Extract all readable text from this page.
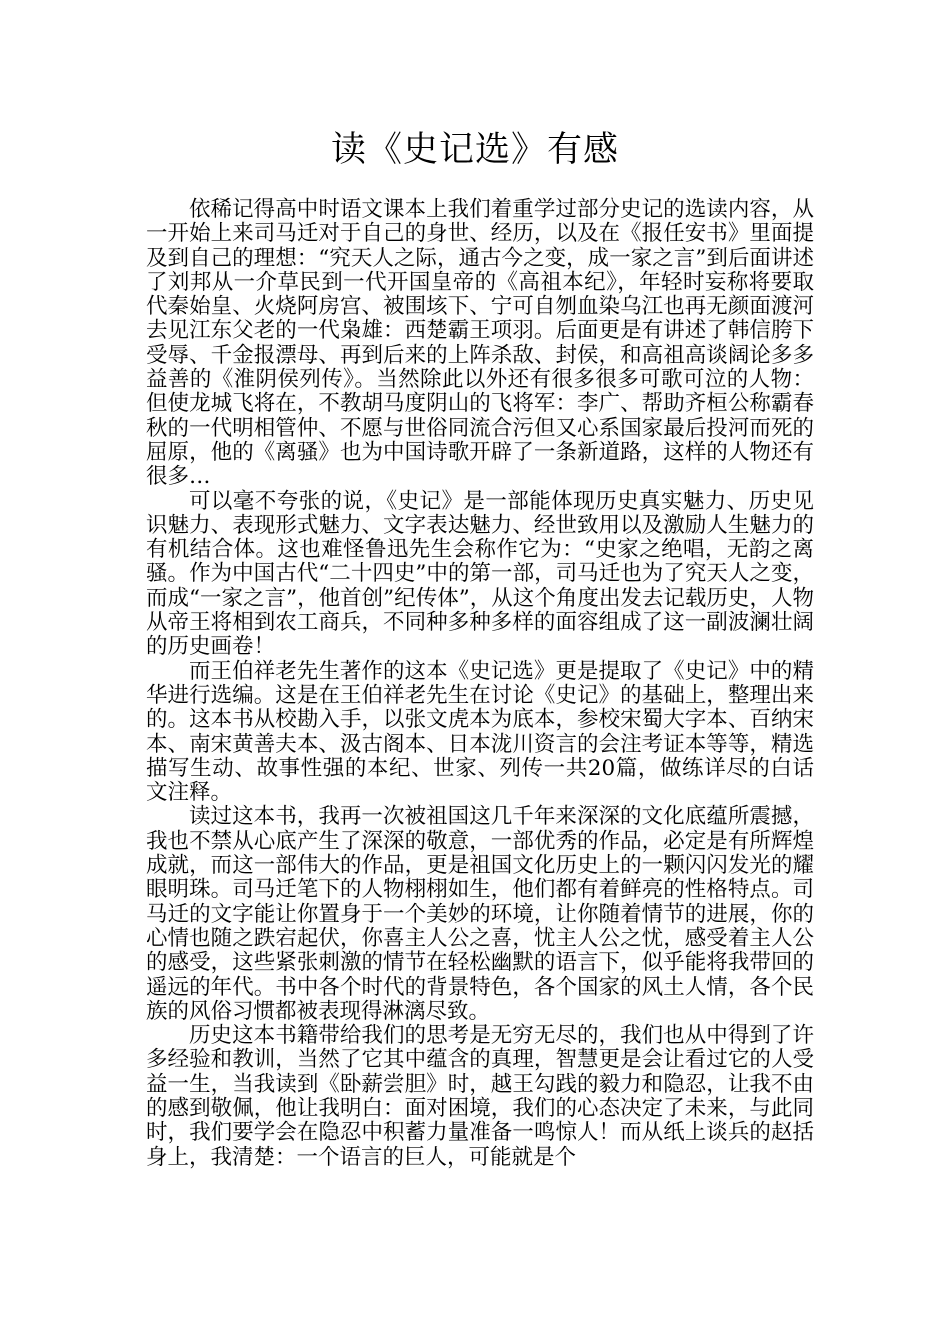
读《史记选》有感

依稀记得高中时语文课本上我们着重学过部分史记的选读内容，从一开始上来司马迁对于自己的身世、经历，以及在《报任安书》里面提及到自己的理想：“究天人之际，通古今之变，成一家之言”到后面讲述了刘邦从一介草民到一代开国皇帝的《高祖本纪》，年轻时妄称将要取代秦始皇、火烧阿房宫、被围垓下、宁可自刎血染乌江也再无颜面渡河去见江东父老的一代枭雄：西楚霸王项羽。后面更是有讲述了韩信胯下受辱、千金报漂母、再到后来的上阵杀敌、封侯，和高祖高谈阔论多多益善的《淮阴侯列传》。当然除此以外还有很多很多可歌可泣的人物：但使龙城飞将在，不教胡马度阴山的飞将军：李广、帮助齐桓公称霸春秋的一代明相管仲、不愿与世俗同流合污但又心系国家最后投河而死的屈原，他的《离骚》也为中国诗歌开辟了一条新道路，这样的人物还有很多…

可以毫不夸张的说，《史记》是一部能体现历史真实魅力、历史见识魅力、表现形式魅力、文字表达魅力、经世致用以及激励人生魅力的有机结合体。这也难怪鲁迅先生会称作它为：“史家之绝唱，无韵之离骚。作为中国古代“二十四史”中的第一部，司马迁也为了究天人之变，而成“一家之言”，他首创”纪传体”，从这个角度出发去记载历史，人物从帝王将相到农工商兵，不同种多种多样的面容组成了这一副波澜壮阔的历史画卷！

而王伯祥老先生著作的这本《史记选》更是提取了《史记》中的精华进行选编。这是在王伯祥老先生在讨论《史记》的基础上，整理出来的。这本书从校勘入手，以张文虎本为底本，参校宋蜀大字本、百纳宋本、南宋黄善夫本、汲古阁本、日本泷川资言的会注考证本等等，精选描写生动、故事性强的本纪、世家、列传一共20篇，做练详尽的白话文注释。

读过这本书，我再一次被祖国这几千年来深深的文化底蕴所震撼，我也不禁从心底产生了深深的敬意，一部优秀的作品，必定是有所辉煌成就，而这一部伟大的作品，更是祖国文化历史上的一颗闪闪发光的耀眼明珠。司马迁笔下的人物栩栩如生，他们都有着鲜亮的性格特点。司马迁的文字能让你置身于一个美妙的环境，让你随着情节的进展，你的心情也随之跌宕起伏，你喜主人公之喜，忧主人公之忧，感受着主人公的感受，这些紧张刺激的情节在轻松幽默的语言下，似乎能将我带回的遥远的年代。书中各个时代的背景特色，各个国家的风土人情，各个民族的风俗习惯都被表现得淋漓尽致。

历史这本书籍带给我们的思考是无穷无尽的，我们也从中得到了许多经验和教训，当然了它其中蕴含的真理，智慧更是会让看过它的人受益一生，当我读到《卧薪尝胆》时，越王勾践的毅力和隐忍，让我不由的感到敬佩，他让我明白：面对困境，我们的心态决定了未来，与此同时，我们要学会在隐忍中积蓄力量准备一鸣惊人！而从纸上谈兵的赵括身上，我清楚：一个语言的巨人，可能就是个
